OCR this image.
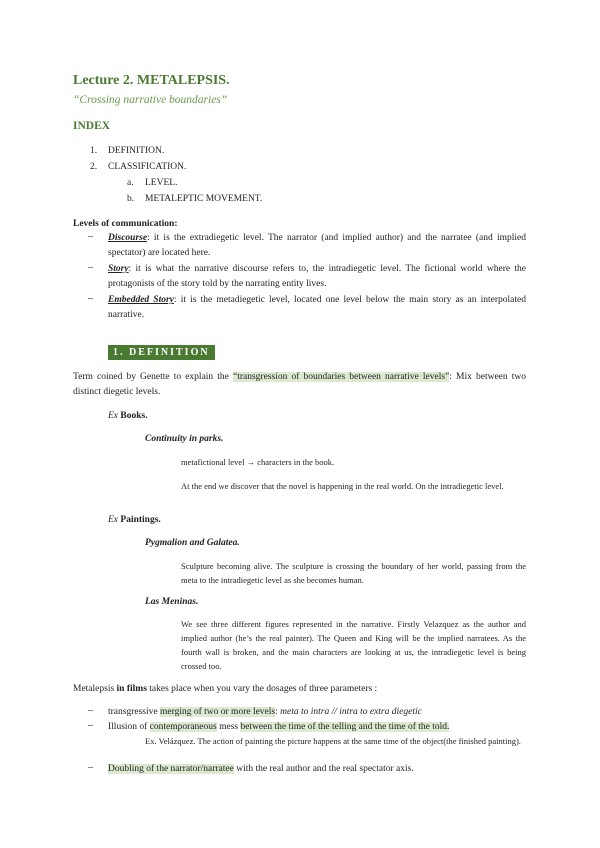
Lecture 2. METALEPSIS.
“Crossing narrative boundaries”
INDEX
1. DEFINITION.
2. CLASSIFICATION.
a. LEVEL.
b. METALEPTIC MOVEMENT.
Levels of communication:
– Discourse: it is the extradiegetic level. The narrator (and implied author) and the narratee (and implied spectator) are located here.
– Story: it is what the narrative discourse refers to, the intradiegetic level. The fictional world where the protagonists of the story told by the narrating entity lives.
– Embedded Story: it is the metadiegetic level, located one level below the main story as an interpolated narrative.
1. DEFINITION
Term coined by Genette to explain the “transgression of boundaries between narrative levels”: Mix between two distinct diegetic levels.
Ex Books.
Continuity in parks.
metafictional level → characters in the book.
At the end we discover that the novel is happening in the real world. On the intradiegetic level.
Ex Paintings.
Pygmalion and Galatea.
Sculpture becoming alive. The sculpture is crossing the boundary of her world, passing from the meta to the intradiegetic level as she becomes human.
Las Meninas.
We see three different figures represented in the narrative. Firstly Velazquez as the author and implied author (he’s the real painter). The Queen and King will be the implied narratees. As the fourth wall is broken, and the main characters are looking at us, the intradiegetic level is being crossed too.
Metalepsis in films takes place when you vary the dosages of three parameters :
– transgressive merging of two or more levels: meta to intra // intra to extra diegetic
– Illusion of contemporaneous mess between the time of the telling and the time of the told.
Ex. Velázquez. The action of painting the picture happens at the same time of the object(the finished painting).
– Doubling of the narrator/narratee with the real author and the real spectator axis.
